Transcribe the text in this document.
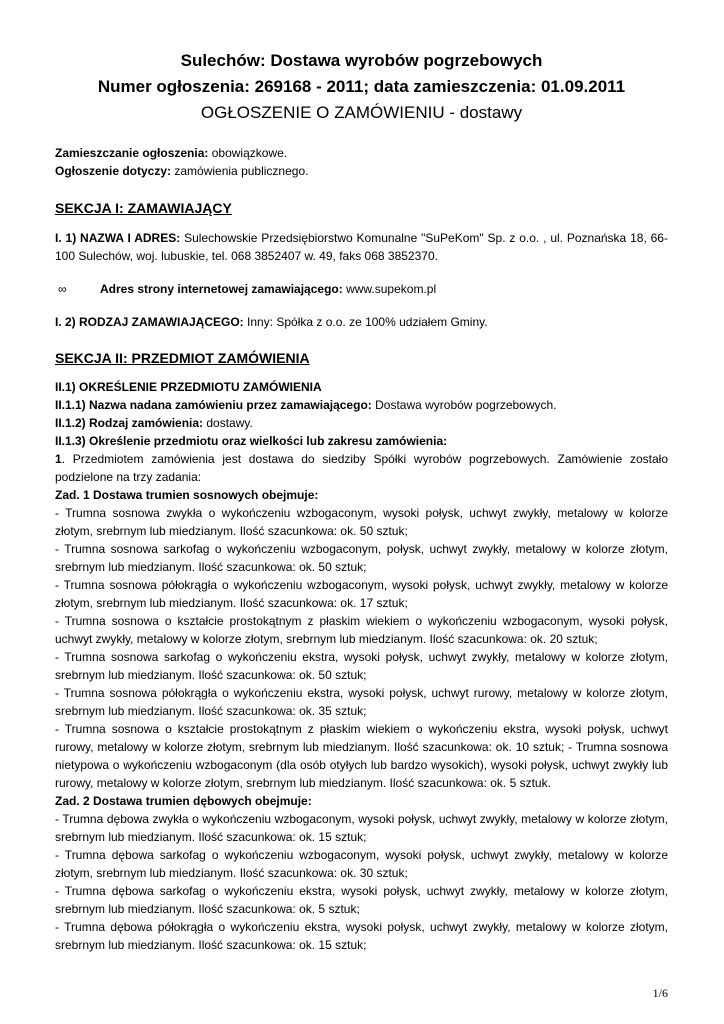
Sulechów: Dostawa wyrobów pogrzebowych
Numer ogłoszenia: 269168 - 2011; data zamieszczenia: 01.09.2011
OGŁOSZENIE O ZAMÓWIENIU - dostawy
Zamieszczanie ogłoszenia: obowiązkowe.
Ogłoszenie dotyczy: zamówienia publicznego.
SEKCJA I: ZAMAWIAJĄCY
I. 1) NAZWA I ADRES: Sulechowskie Przedsiębiorstwo Komunalne "SuPeKom" Sp. z o.o. , ul. Poznańska 18, 66-100 Sulechów, woj. lubuskie, tel. 068 3852407 w. 49, faks 068 3852370.
∞	Adres strony internetowej zamawiającego: www.supekom.pl
I. 2) RODZAJ ZAMAWIAJĄCEGO: Inny: Spółka z o.o. ze 100% udziałem Gminy.
SEKCJA II: PRZEDMIOT ZAMÓWIENIA
II.1) OKREŚLENIE PRZEDMIOTU ZAMÓWIENIA
II.1.1) Nazwa nadana zamówieniu przez zamawiającego: Dostawa wyrobów pogrzebowych.
II.1.2) Rodzaj zamówienia: dostawy.
II.1.3) Określenie przedmiotu oraz wielkości lub zakresu zamówienia:
1. Przedmiotem zamówienia jest dostawa do siedziby Spółki wyrobów pogrzebowych. Zamówienie zostało podzielone na trzy zadania:
Zad. 1 Dostawa trumien sosnowych obejmuje:
- Trumna sosnowa zwykła o wykończeniu wzbogaconym, wysoki połysk, uchwyt zwykły, metalowy w kolorze złotym, srebrnym lub miedzianym. Ilość szacunkowa: ok. 50 sztuk;
- Trumna sosnowa sarkofag o wykończeniu wzbogaconym, połysk, uchwyt zwykły, metalowy w kolorze złotym, srebrnym lub miedzianym. Ilość szacunkowa: ok. 50 sztuk;
- Trumna sosnowa półokrągła o wykończeniu wzbogaconym, wysoki połysk, uchwyt zwykły, metalowy w kolorze złotym, srebrnym lub miedzianym. Ilość szacunkowa: ok. 17 sztuk;
- Trumna sosnowa o kształcie prostokątnym z płaskim wiekiem o wykończeniu wzbogaconym, wysoki połysk, uchwyt zwykły, metalowy w kolorze złotym, srebrnym lub miedzianym. Ilość szacunkowa: ok. 20 sztuk;
- Trumna sosnowa sarkofag o wykończeniu ekstra, wysoki połysk, uchwyt zwykły, metalowy w kolorze złotym, srebrnym lub miedzianym. Ilość szacunkowa: ok. 50 sztuk;
- Trumna sosnowa półokrągła o wykończeniu ekstra, wysoki połysk, uchwyt rurowy, metalowy w kolorze złotym, srebrnym lub miedzianym. Ilość szacunkowa: ok. 35 sztuk;
- Trumna sosnowa o kształcie prostokątnym z płaskim wiekiem o wykończeniu ekstra, wysoki połysk, uchwyt rurowy, metalowy w kolorze złotym, srebrnym lub miedzianym. Ilość szacunkowa: ok. 10 sztuk; - Trumna sosnowa nietypowa o wykończeniu wzbogaconym (dla osób otyłych lub bardzo wysokich), wysoki połysk, uchwyt zwykły lub rurowy, metalowy w kolorze złotym, srebrnym lub miedzianym. Ilość szacunkowa: ok. 5 sztuk.
Zad. 2 Dostawa trumien dębowych obejmuje:
- Trumna dębowa zwykła o wykończeniu wzbogaconym, wysoki połysk, uchwyt zwykły, metalowy w kolorze złotym, srebrnym lub miedzianym. Ilość szacunkowa: ok. 15 sztuk;
- Trumna dębowa sarkofag o wykończeniu wzbogaconym, wysoki połysk, uchwyt zwykły, metalowy w kolorze złotym, srebrnym lub miedzianym. Ilość szacunkowa: ok. 30 sztuk;
- Trumna dębowa sarkofag o wykończeniu ekstra, wysoki połysk, uchwyt zwykły, metalowy w kolorze złotym, srebrnym lub miedzianym. Ilość szacunkowa: ok. 5 sztuk;
- Trumna dębowa półokrągła o wykończeniu ekstra, wysoki połysk, uchwyt zwykły, metalowy w kolorze złotym, srebrnym lub miedzianym. Ilość szacunkowa: ok. 15 sztuk;
1/6
